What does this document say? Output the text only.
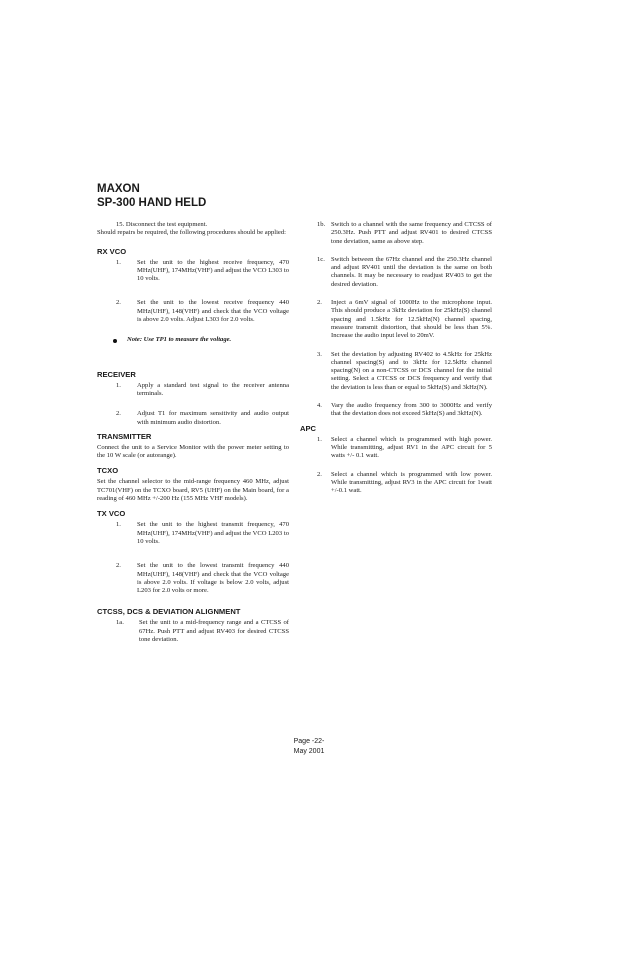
MAXON
SP-300 HAND HELD

15. Disconnect the test equipment.

Should repairs be required, the following procedures should be applied:

RX VCO
1.	Set the unit to the highest receive frequency, 470 MHz(UHF), 174MHz(VHF) and adjust the VCO L303 to 10 volts.
2.	Set the unit to the lowest receive frequency 440 MHz(UHF), 148(VHF) and check that the VCO voltage is above 2.0 volts. Adjust L303 for 2.0 volts.
Note: Use TP1 to measure the voltage.
RECEIVER
1.	Apply a standard test signal to the receiver antenna terminals.
2.	Adjust T1 for maximum sensitivity and audio output with minimum audio distortion.
TRANSMITTER

Connect the unit to a Service Monitor with the power meter setting to the 10 W scale (or autorange).

TCXO

Set the channel selector to the mid-range frequency 460 MHz, adjust TC701(VHF) on the TCXO board, RV5 (UHF) on the Main board, for a reading of 460 MHz +/-200 Hz (155 MHz VHF models).

TX VCO
1.	Set the unit to the highest transmit frequency, 470 MHz(UHF), 174MHz(VHF) and adjust the VCO L203 to 10 volts.
2.	Set the unit to the lowest transmit frequency 440 MHz(UHF), 148(VHF) and check that the VCO voltage is above 2.0 volts. If voltage is below 2.0 volts, adjust L203 for 2.0 volts or more.
CTCSS, DCS & DEVIATION ALIGNMENT
1a.	Set the unit to a mid-frequency range and a CTCSS of 67Hz. Push PTT and adjust RV403 for desired CTCSS tone deviation.
1b. Switch to a channel with the same frequency and CTCSS of 250.3Hz. Push PTT and adjust RV401 to desired CTCSS tone deviation, same as above step.
1c. Switch between the 67Hz channel and the 250.3Hz channel and adjust RV401 until the deviation is the same on both channels. It may be necessary to readjust RV403 to get the desired deviation.
2.	Inject a 6mV signal of 1000Hz to the microphone input. This should produce a 3kHz deviation for 25kHz(S) channel spacing and 1.5kHz for 12.5kHz(N) channel spacing, measure transmit distortion, that should be less than 5%. Increase the audio input level to 20mV.
3.	Set the deviation by adjusting RV402 to 4.5kHz for 25kHz channel spacing(S) and to 3kHz for 12.5kHz channel spacing(N) on a non-CTCSS or DCS channel for the initial setting. Select a CTCSS or DCS frequency and verify that the deviation is less than or equal to 5kHz(S) and 3kHz(N).
4.	Vary the audio frequency from 300 to 3000Hz and verify that the deviation does not exceed 5kHz(S) and 3kHz(N).
APC
1.	Select a channel which is programmed with high power. While transmitting, adjust RV1 in the APC circuit for 5 watts +/- 0.1 watt.
2.	Select a channel which is programmed with low power. While transmitting, adjust RV3 in the APC circuit for 1watt +/-0.1 watt.
Page -22-
May 2001
